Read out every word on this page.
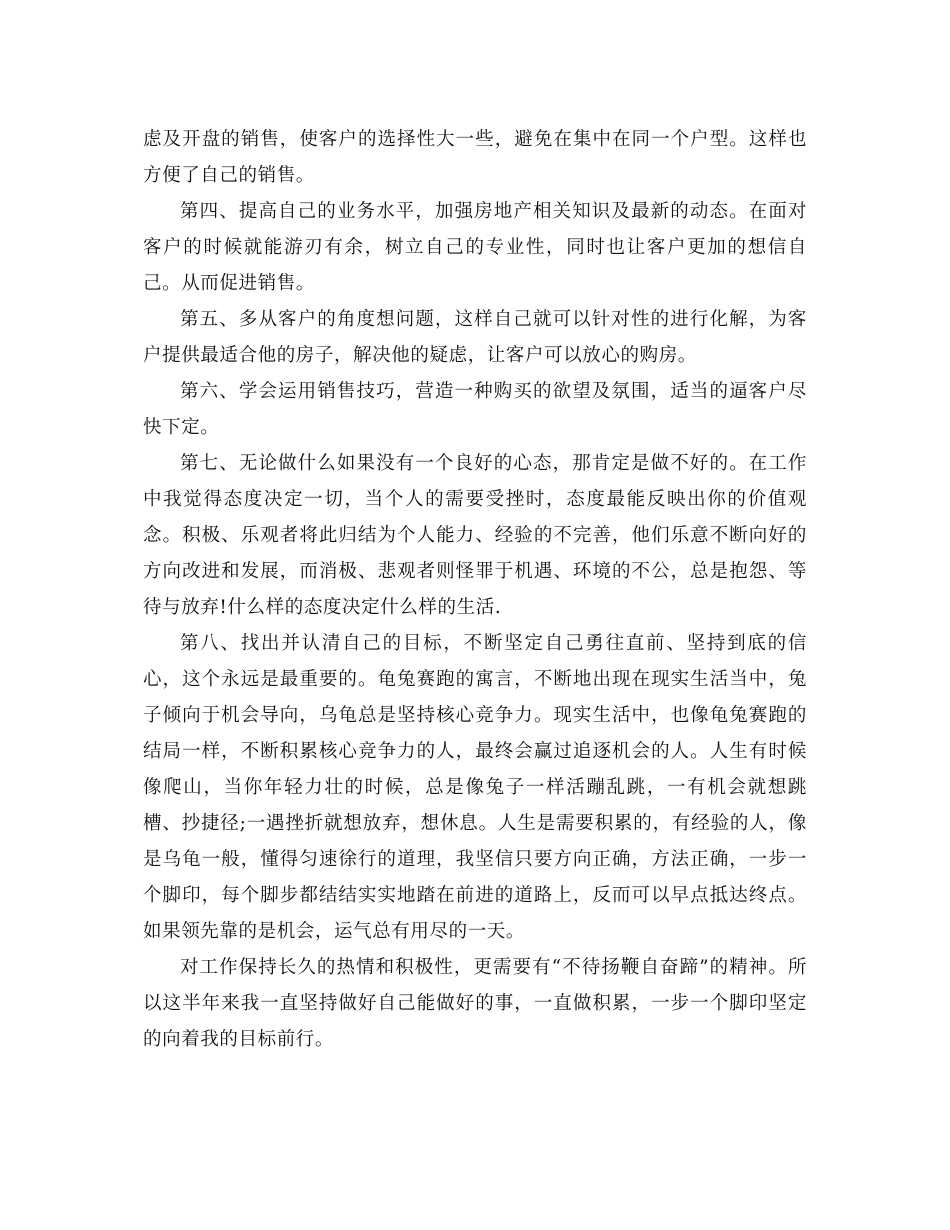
虑及开盘的销售，使客户的选择性大一些，避免在集中在同一个户型。这样也方便了自己的销售。

第四、提高自己的业务水平，加强房地产相关知识及最新的动态。在面对客户的时候就能游刃有余，树立自己的专业性，同时也让客户更加的想信自己。从而促进销售。

第五、多从客户的角度想问题，这样自己就可以针对性的进行化解，为客户提供最适合他的房子，解决他的疑虑，让客户可以放心的购房。

第六、学会运用销售技巧，营造一种购买的欲望及氛围，适当的逼客户尽快下定。

第七、无论做什么如果没有一个良好的心态，那肯定是做不好的。在工作中我觉得态度决定一切，当个人的需要受挫时，态度最能反映出你的价值观念。积极、乐观者将此归结为个人能力、经验的不完善，他们乐意不断向好的方向改进和发展，而消极、悲观者则怪罪于机遇、环境的不公，总是抱怨、等待与放弃!什么样的态度决定什么样的生活.

第八、找出并认清自己的目标，不断坚定自己勇往直前、坚持到底的信心，这个永远是最重要的。龟兔赛跑的寓言，不断地出现在现实生活当中，兔子倾向于机会导向，乌龟总是坚持核心竞争力。现实生活中，也像龟兔赛跑的结局一样，不断积累核心竞争力的人，最终会赢过追逐机会的人。人生有时候像爬山，当你年轻力壮的时候，总是像兔子一样活蹦乱跳，一有机会就想跳槽、抄捷径;一遇挫折就想放弃，想休息。人生是需要积累的，有经验的人，像是乌龟一般，懂得匀速徐行的道理，我坚信只要方向正确，方法正确，一步一个脚印，每个脚步都结结实实地踏在前进的道路上，反而可以早点抵达终点。如果领先靠的是机会，运气总有用尽的一天。

对工作保持长久的热情和积极性，更需要有“不待扬鞭自奋蹄”的精神。所以这半年来我一直坚持做好自己能做好的事，一直做积累，一步一个脚印坚定的向着我的目标前行。
